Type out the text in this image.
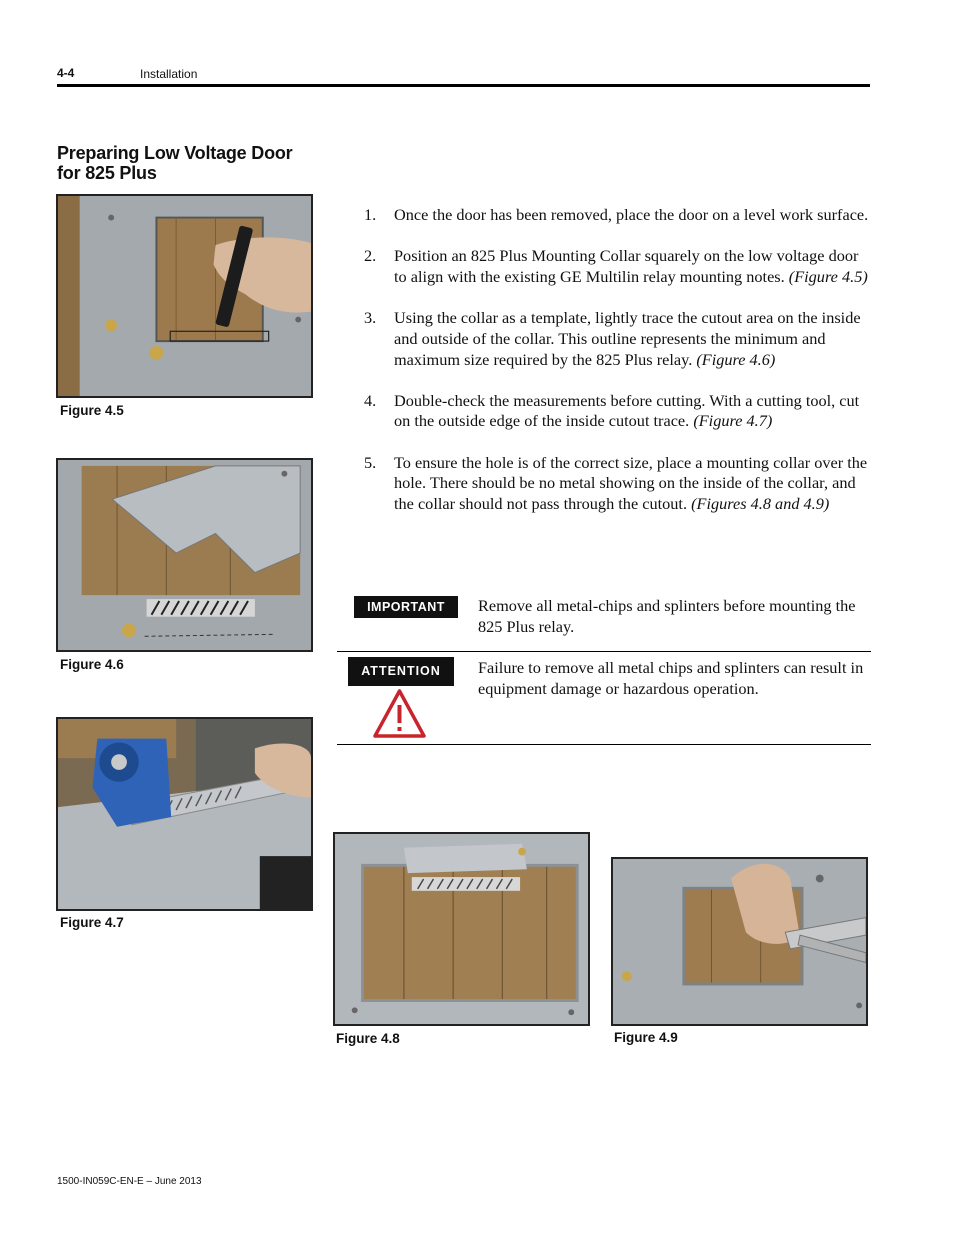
4-4	Installation
Preparing Low Voltage Door for 825 Plus
Figure 4.5
Figure 4.6
Figure 4.7
1. Once the door has been removed, place the door on a level work surface.
2. Position an 825 Plus Mounting Collar squarely on the low voltage door to align with the existing GE Multilin relay mounting notes. (Figure 4.5)
3. Using the collar as a template, lightly trace the cutout area on the inside and outside of the collar. This outline represents the minimum and maximum size required by the 825 Plus relay. (Figure 4.6)
4. Double-check the measurements before cutting. With a cutting tool, cut on the outside edge of the inside cutout trace. (Figure 4.7)
5. To ensure the hole is of the correct size, place a mounting collar over the hole. There should be no metal showing on the inside of the collar, and the collar should not pass through the cutout. (Figures 4.8 and 4.9)
IMPORTANT	Remove all metal-chips and splinters before mounting the 825 Plus relay.
ATTENTION	Failure to remove all metal chips and splinters can result in equipment damage or hazardous operation.
Figure 4.8	Figure 4.9
1500-IN059C-EN-E – June 2013
